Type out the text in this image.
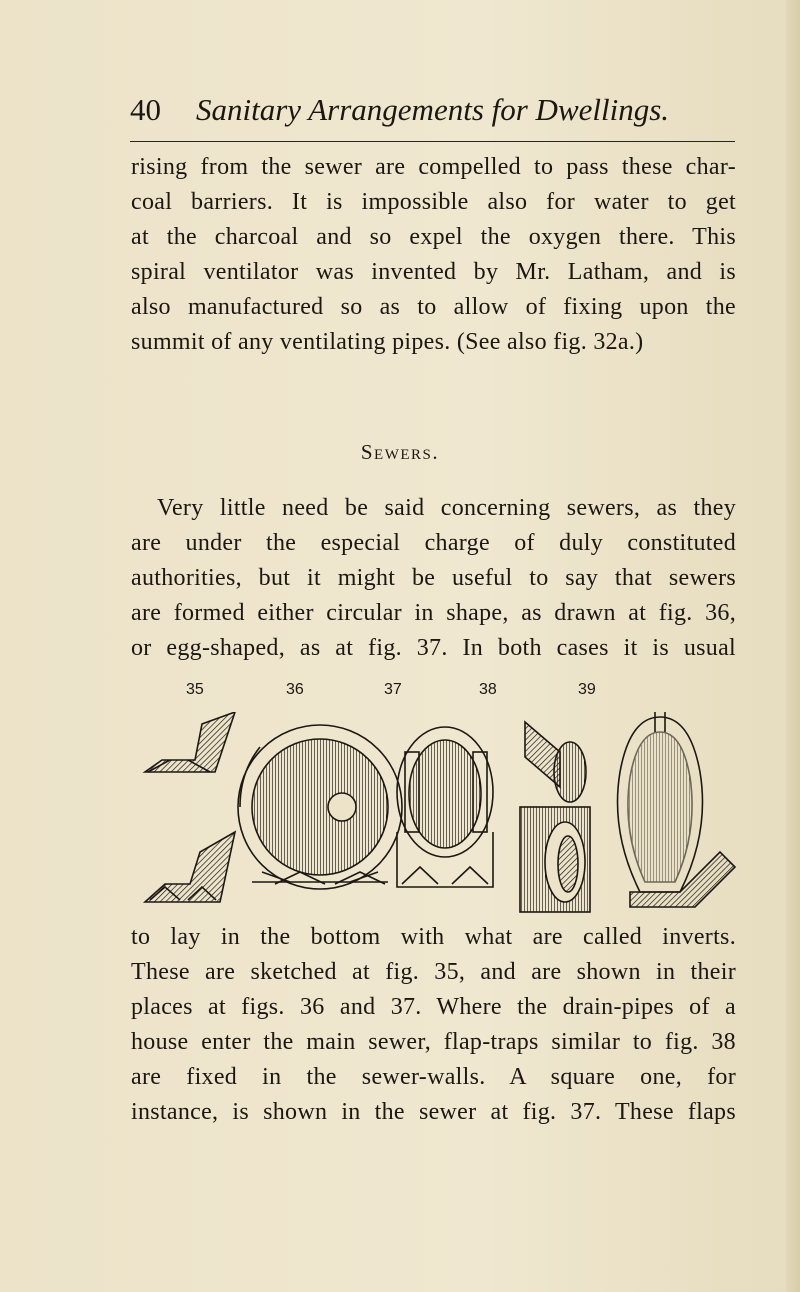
40 Sanitary Arrangements for Dwellings.
rising from the sewer are compelled to pass these char-
coal barriers. It is impossible also for water to get
at the charcoal and so expel the oxygen there. This
spiral ventilator was invented by Mr. Latham, and is
also manufactured so as to allow of fixing upon the
summit of any ventilating pipes. (See also fig. 32a.)
Sewers.
Very little need be said concerning sewers, as they
are under the especial charge of duly constituted
authorities, but it might be useful to say that sewers
are formed either circular in shape, as drawn at fig. 36,
or egg-shaped, as at fig. 37. In both cases it is usual
35	36	37	38	39
to lay in the bottom with what are called inverts.
These are sketched at fig. 35, and are shown in their
places at figs. 36 and 37. Where the drain-pipes of a
house enter the main sewer, flap-traps similar to fig. 38
are fixed in the sewer-walls. A square one, for
instance, is shown in the sewer at fig. 37. These flaps
